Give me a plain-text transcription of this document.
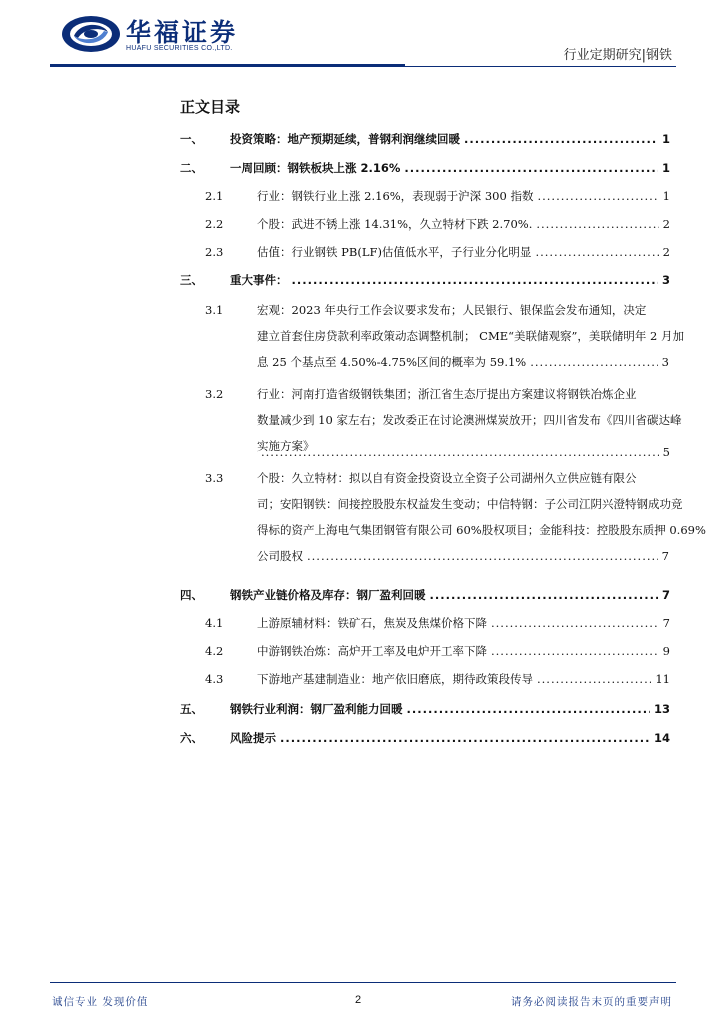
华福证券
HUAFU SECURITIES CO.,LTD.	行业定期研究|钢铁
正文目录
一、 投资策略：地产预期延续，普钢利润继续回暖 .....	1
二、 一周回顾：钢铁板块上涨 2.16% .....	1
2.1	行业：钢铁行业上涨 2.16%，表现弱于沪深 300 指数 .....	1
2.2	个股：武进不锈上涨 14.31%，久立特材下跌 2.70%. .....	2
2.3	估值：行业钢铁 PB(LF)估值低水平，子行业分化明显 .....	2
三、 重大事件： .....	3
3.1	宏观：2023 年央行工作会议要求发布；人民银行、银保监会发布通知，决定
建立首套住房贷款利率政策动态调整机制； CME“美联储观察”，美联储明年 2 月加
息 25 个基点至 4.50%-4.75%区间的概率为 59.1% .....	3
3.2	行业：河南打造省级钢铁集团；浙江省生态厅提出方案建议将钢铁冶炼企业
数量减少到 10 家左右；发改委正在讨论澳洲煤炭放开；四川省发布《四川省碳达峰
实施方案》 .....	5
3.3	个股：久立特材：拟以自有资金投资设立全资子公司湖州久立供应链有限公
司；安阳钢铁：间接控股股东权益发生变动；中信特钢：子公司江阴兴澄特钢成功竞
得标的资产上海电气集团钢管有限公司 60%股权项目；金能科技：控股股东质押 0.69%
公司股权 .....	7
四、 钢铁产业链价格及库存：钢厂盈利回暖 .....	7
4.1	上游原辅材料：铁矿石，焦炭及焦煤价格下降 .....	7
4.2	中游钢铁冶炼：高炉开工率及电炉开工率下降 .....	9
4.3	下游地产基建制造业：地产依旧磨底，期待政策段传导 .....	11
五、 钢铁行业利润：钢厂盈利能力回暖 .....	13
六、 风险提示 .....	14
诚信专业 发现价值	2	请务必阅读报告末页的重要声明
